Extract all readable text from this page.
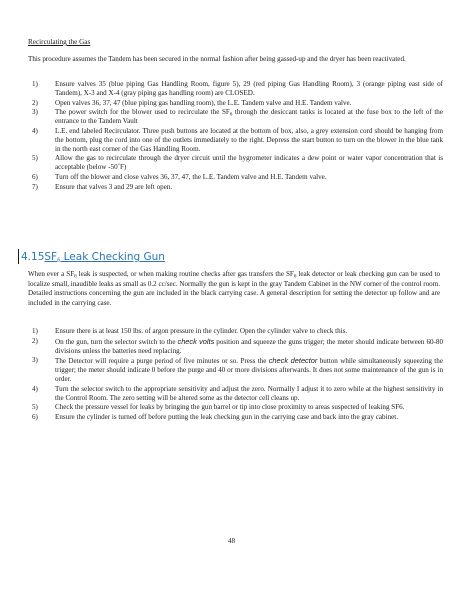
Recirculating the Gas

This procedure assumes the Tandem has been secured in the normal fashion after being gassed-up and the dryer has been reactivated.

1)	Ensure valves 35 (blue piping Gas Handling Room, figure 5), 29 (red piping Gas Handling Room), 3 (orange piping east side of Tandem), X-3 and X-4 (gray piping gas handling room) are CLOSED.
2)	Open valves 36, 37, 47 (blue piping gas handling room), the L.E. Tandem valve and H.E. Tandem valve.
3)	The power switch for the blower used to recirculate the $SF_6$ through the desiccant tanks is located at the fuse box to the left of the entrance to the Tandem Vault
4)	L.E. end labeled Recirculator. Three push buttons are located at the bottom of box, also, a grey extension cord should be hanging from the bottom, plug the cord into one of the outlets immediately to the right. Depress the start button to turn on the blower in the blue tank in the north east corner of the Gas Handling Room.
5)	Allow the gas to recirculate through the dryer circuit until the hygrometer indicates a dew point or water vapor concentration that is acceptable (below -50˚F)
6)	Turn off the blower and close valves 36, 37, 47, the L.E. Tandem valve and H.E. Tandem valve.
7)	Ensure that valves 3 and 29 are left open.
$4.15SF_6$ Leak Checking Gun

When ever a $SF_6$ leak is suspected, or when making routine checks after gas transfers the $SF_6$ leak detector or leak checking gun can be used to localize small, inaudible leaks as small as 0.2 cc/sec. Normally the gun is kept in the gray Tandem Cabinet in the NW corner of the control room. Detailed instructions concerning the gun are included in the black carrying case. A general description for setting the detector up follow and are included in the carrying case.

1)	Ensure there is at least 150 lbs. of argon pressure in the cylinder. Open the cylinder valve to check this.
2)	On the gun, turn the selector switch to the check volts position and squeeze the guns trigger; the meter should indicate between 60-80 divisions unless the batteries need replacing.
3)	The Detector will require a purge period of five minutes or so. Press the check detector button while simultaneously squeezing the trigger; the meter should indicate 0 before the purge and 40 or more divisions afterwards. It does not some maintenance of the gun is in order.
4)	Turn the selector switch to the appropriate sensitivity and adjust the zero. Normally I adjust it to zero while at the highest sensitivity in the Control Room. The zero setting will be altered some as the detector cell cleans up.
5)	Check the pressure vessel for leaks by bringing the gun barrel or tip into close proximity to areas suspected of leaking SF6.
6)	Ensure the cylinder is turned off before putting the leak checking gun in the carrying case and back into the gray cabinet.
48
